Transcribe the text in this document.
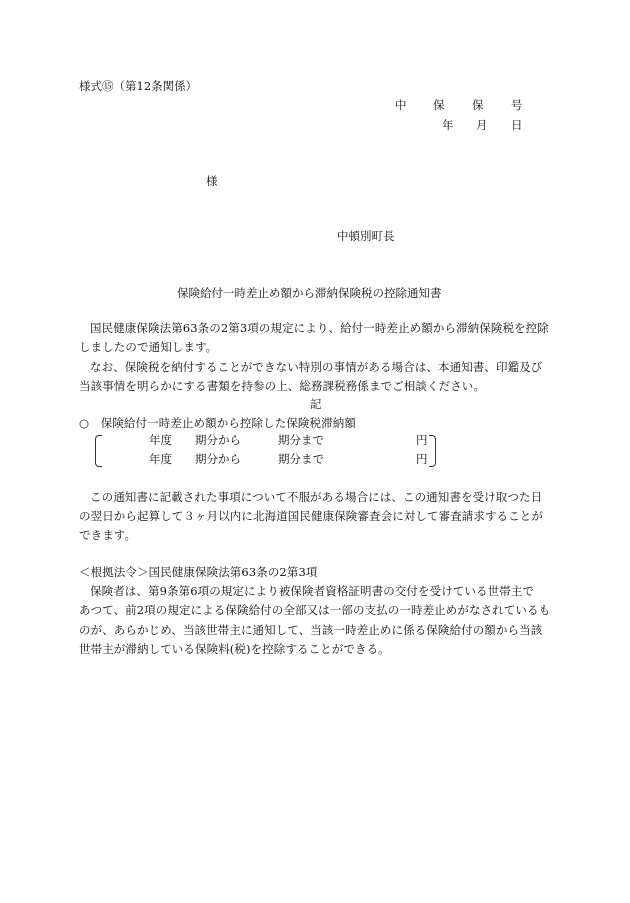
様式⑮（第12条関係）
中 保 保 号
年 月 日
様
中頓別町長
保険給付一時差止め額から滞納保険税の控除通知書
国民健康保険法第63条の2第3項の規定により、給付一時差止め額から滞納保険税を控除
しましたので通知します。
なお、保険税を納付することができない特別の事情がある場合は、本通知書、印鑑及び
当該事情を明らかにする書類を持参の上、総務課税務係までご相談ください。
記
○　保険給付一時差止め額から控除した保険税滞納額
年度 期分から	期分まで	円
年度 期分から	期分まで	円
この通知書に記載された事項について不服がある場合には、この通知書を受け取つた日
の翌日から起算して３ヶ月以内に北海道国民健康保険審査会に対して審査請求することが
できます。
＜根拠法令＞国民健康保険法第63条の2第3項
保険者は、第9条第6項の規定により被保険者資格証明書の交付を受けている世帯主で
あつて、前2項の規定による保険給付の全部又は一部の支払の一時差止めがなされているも
のが、あらかじめ、当該世帯主に通知して、当該一時差止めに係る保険給付の額から当該
世帯主が滞納している保険料(税)を控除することができる。
